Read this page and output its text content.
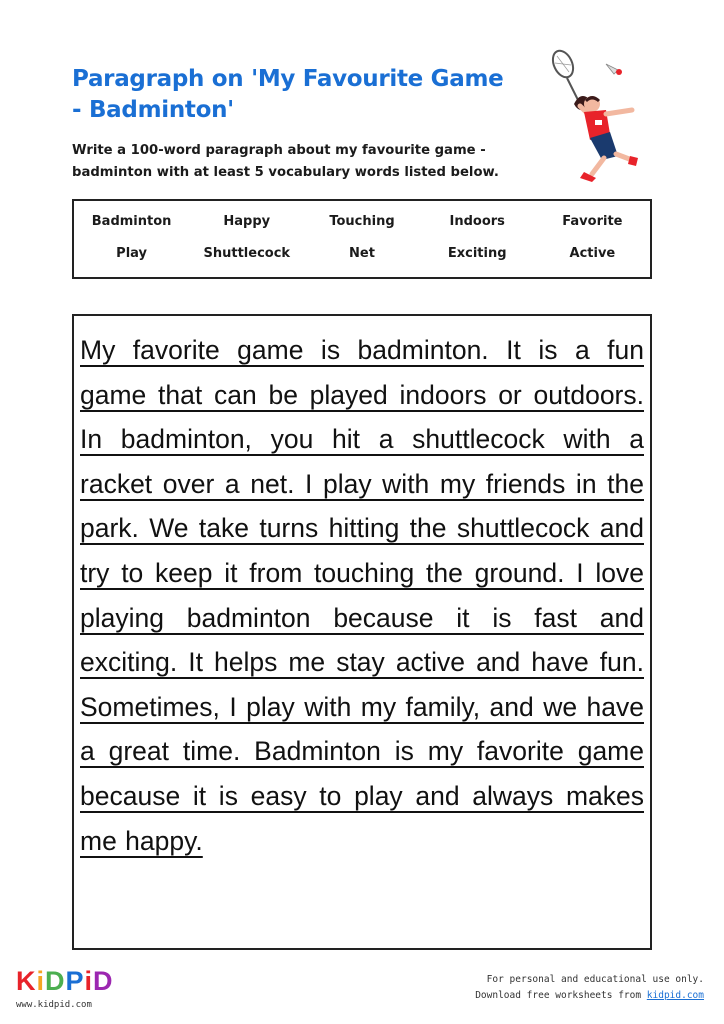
Paragraph on 'My Favourite Game - Badminton'

Write a 100-word paragraph about my favourite game - badminton with at least 5 vocabulary words listed below.

Badminton	Happy	Touching	Indoors	Favorite
Play	Shuttlecock	Net	Exciting	Active

My favorite game is badminton. It is a fun game that can be played indoors or outdoors. In badminton, you hit a shuttlecock with a racket over a net. I play with my friends in the park. We take turns hitting the shuttlecock and try to keep it from touching the ground. I love playing badminton because it is fast and exciting. It helps me stay active and have fun. Sometimes, I play with my family, and we have a great time. Badminton is my favorite game because it is easy to play and always makes me happy.

KiDPiD
www.kidpid.com
For personal and educational use only.
Download free worksheets from kidpid.com
